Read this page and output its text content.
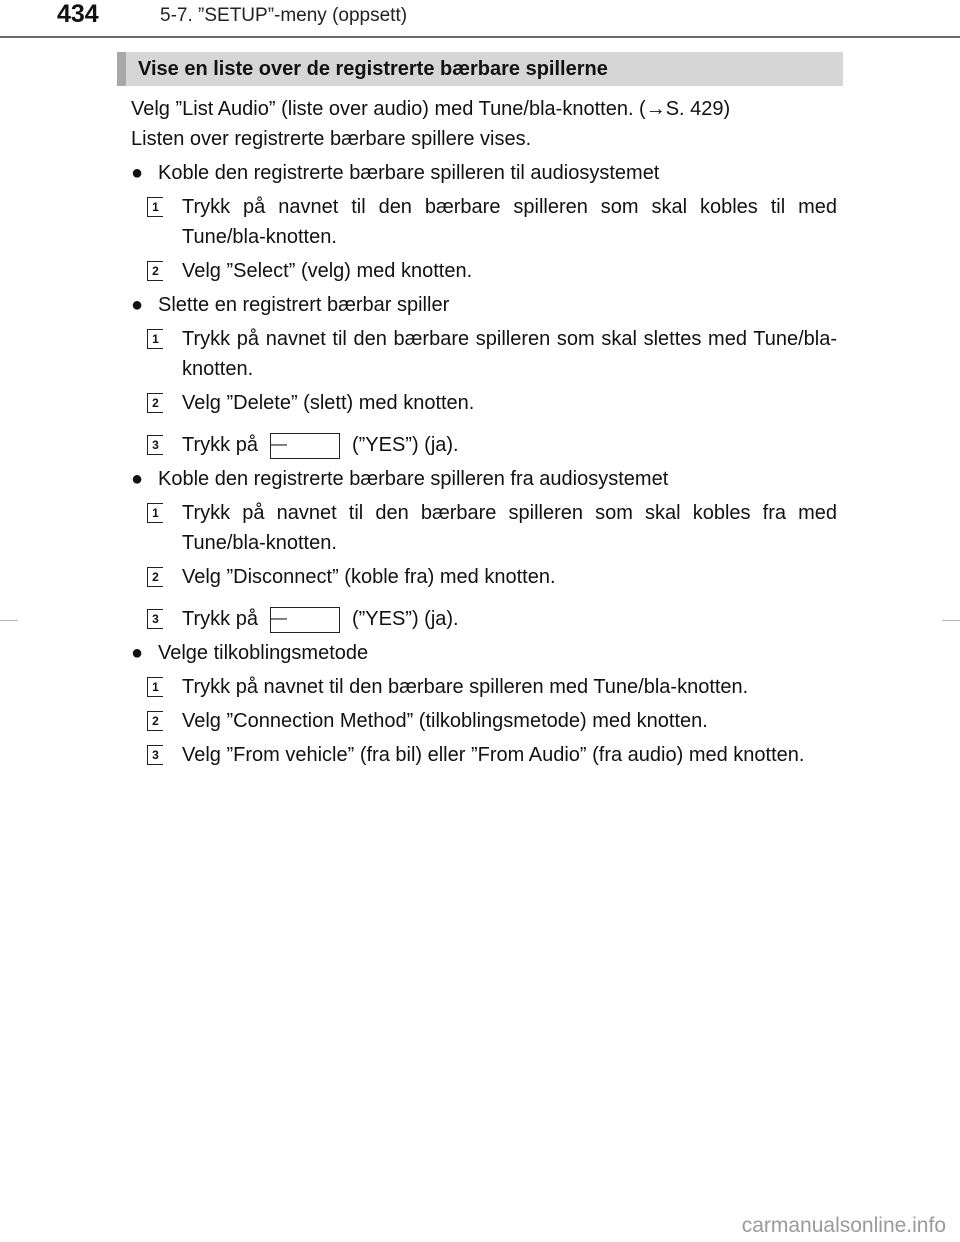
434	5-7. ”SETUP”-meny (oppsett)
Vise en liste over de registrerte bærbare spillerne

Velg ”List Audio” (liste over audio) med Tune/bla-knotten. (→S. 429)
Listen over registrerte bærbare spillere vises.

● Koble den registrerte bærbare spilleren til audiosystemet
1 Trykk på navnet til den bærbare spilleren som skal kobles til med Tune/bla-knotten.
2 Velg ”Select” (velg) med knotten.
● Slette en registrert bærbar spiller
1 Trykk på navnet til den bærbare spilleren som skal slettes med Tune/bla-knotten.
2 Velg ”Delete” (slett) med knotten.
3 Trykk på —	(”YES”) (ja).
● Koble den registrerte bærbare spilleren fra audiosystemet
1 Trykk på navnet til den bærbare spilleren som skal kobles fra med Tune/bla-knotten.
2 Velg ”Disconnect” (koble fra) med knotten.
3 Trykk på —	(”YES”) (ja).
● Velge tilkoblingsmetode
1 Trykk på navnet til den bærbare spilleren med Tune/bla-knotten.
2 Velg ”Connection Method” (tilkoblingsmetode) med knotten.
3 Velg ”From vehicle” (fra bil) eller ”From Audio” (fra audio) med knotten.
carmanualsonline.info
